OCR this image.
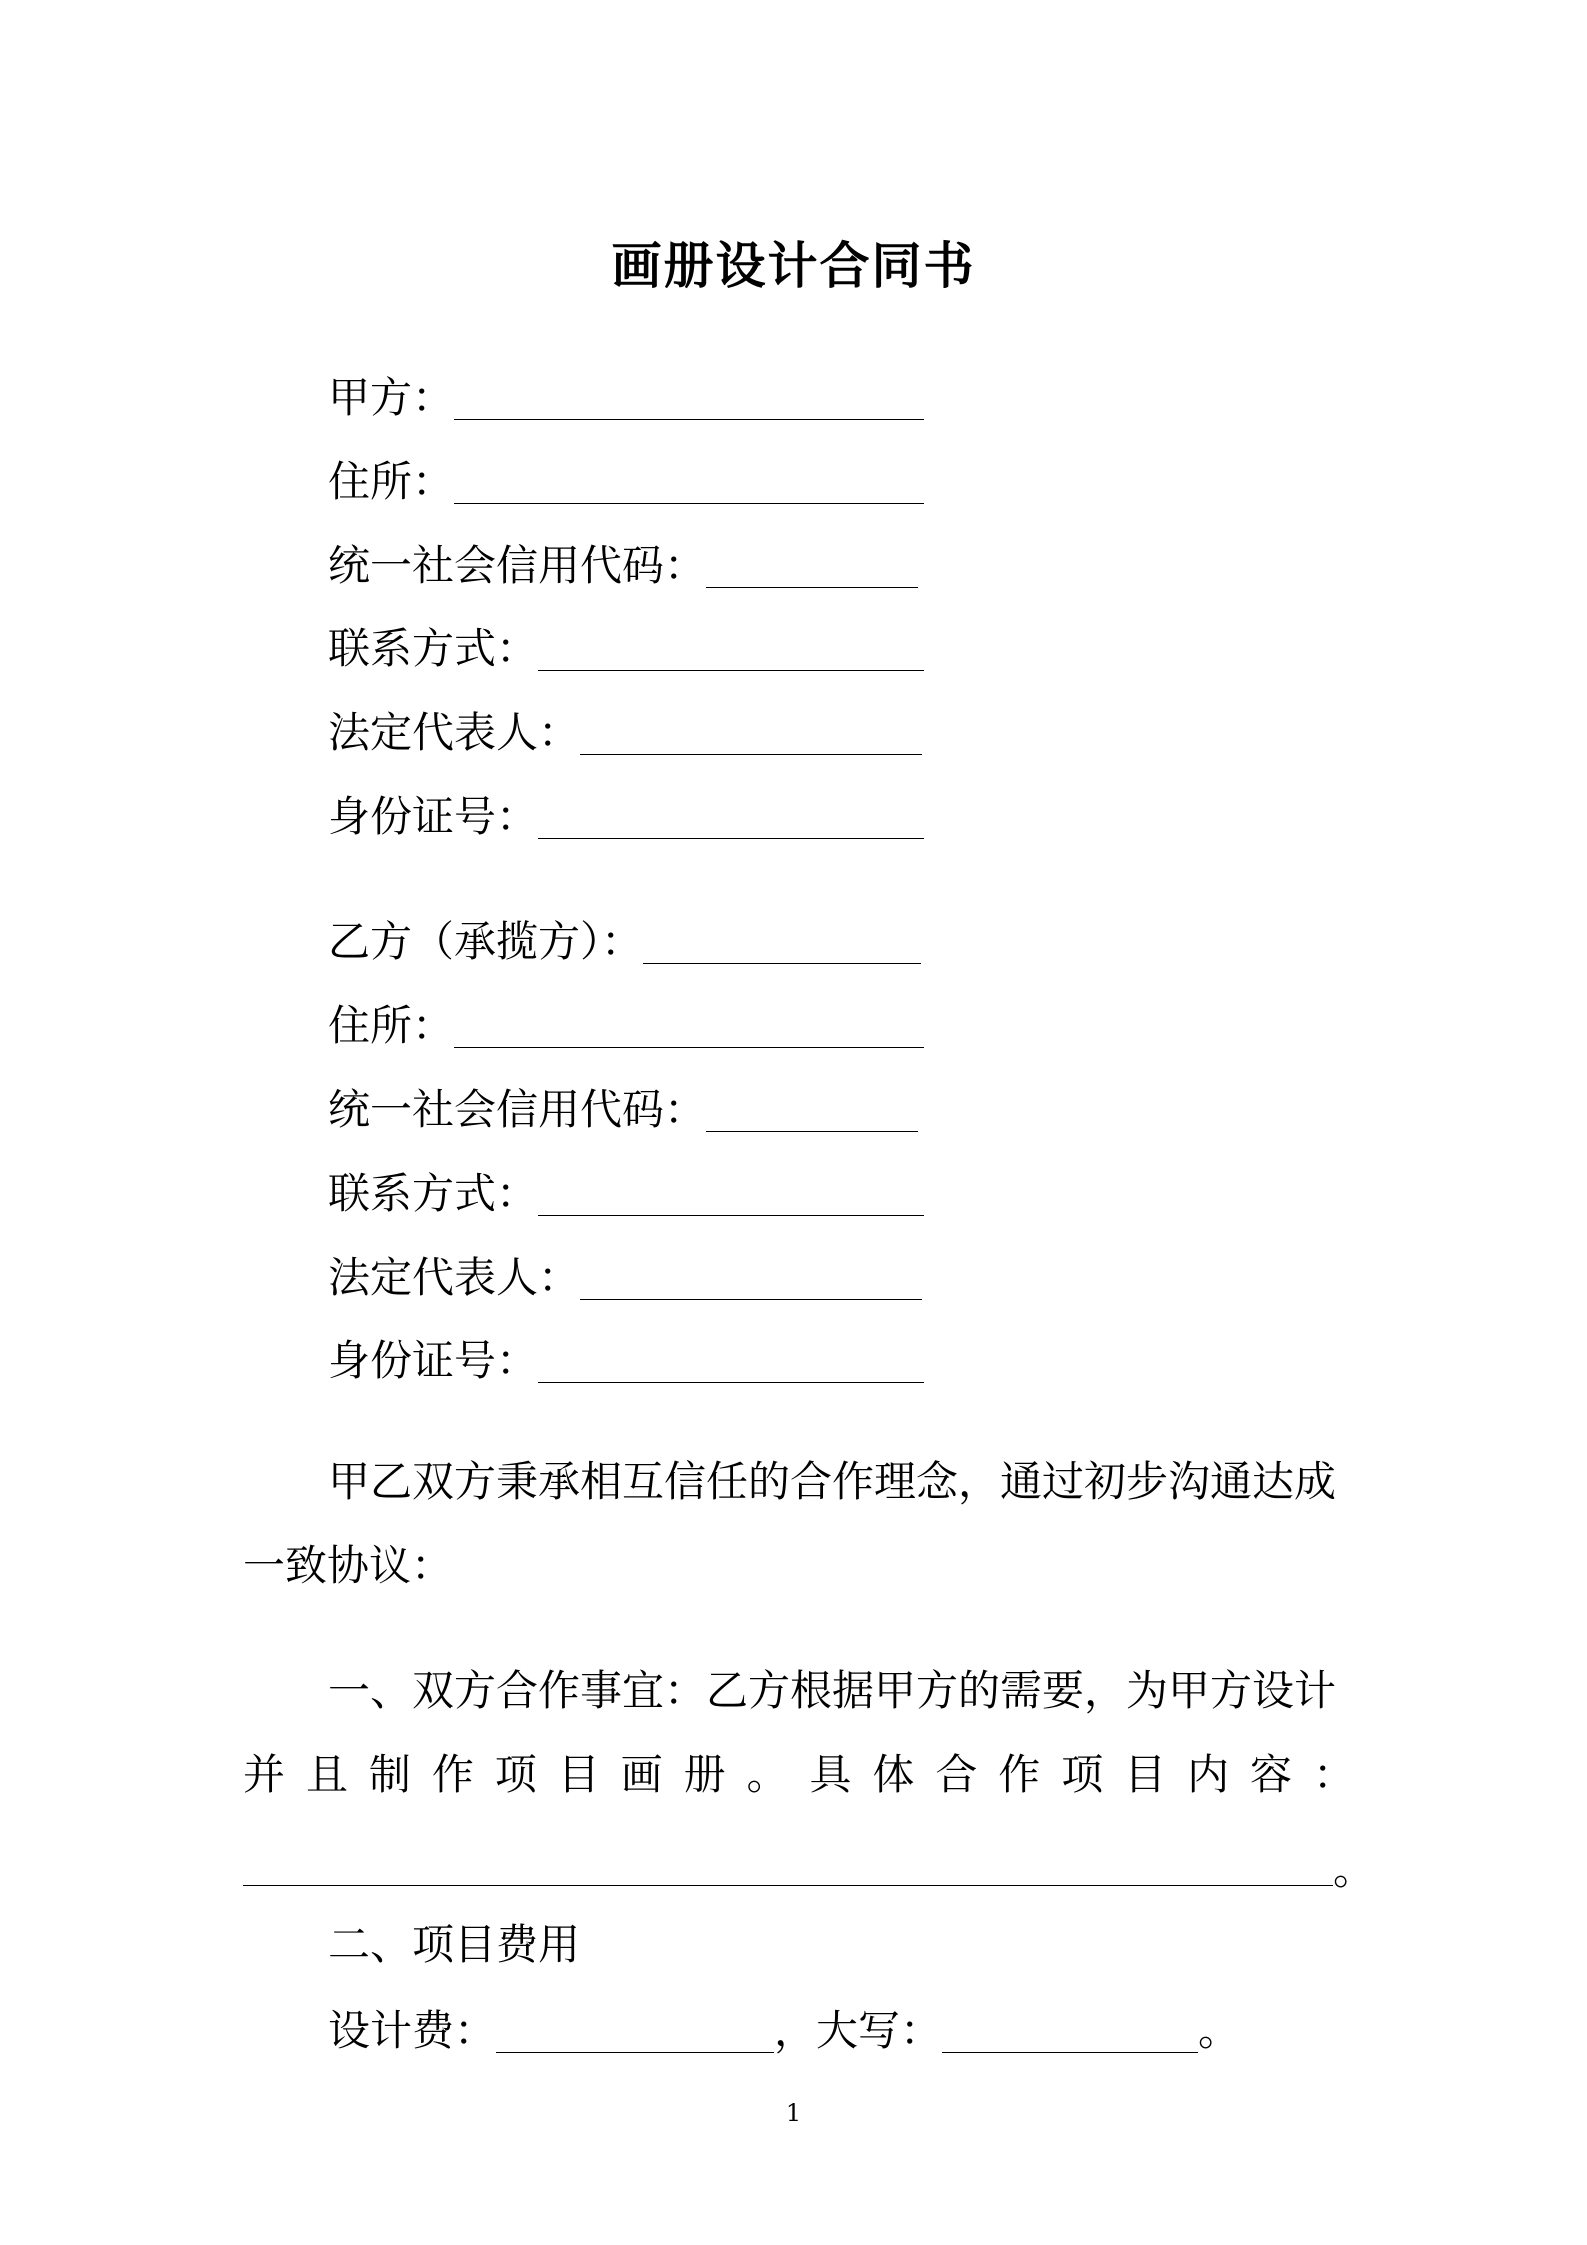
画册设计合同书
甲方：
住所：
统一社会信用代码：
联系方式：
法定代表人：
身份证号：
乙方（承揽方）：
住所：
统一社会信用代码：
联系方式：
法定代表人：
身份证号：
甲乙双方秉承相互信任的合作理念，通过初步沟通达成
一致协议：
一、双方合作事宜：乙方根据甲方的需要，为甲方设计
并 且 制 作 项 目 画 册 。 具 体 合 作 项 目 内 容 ：
。
二、项目费用
设计费：	，大写：	。
1
